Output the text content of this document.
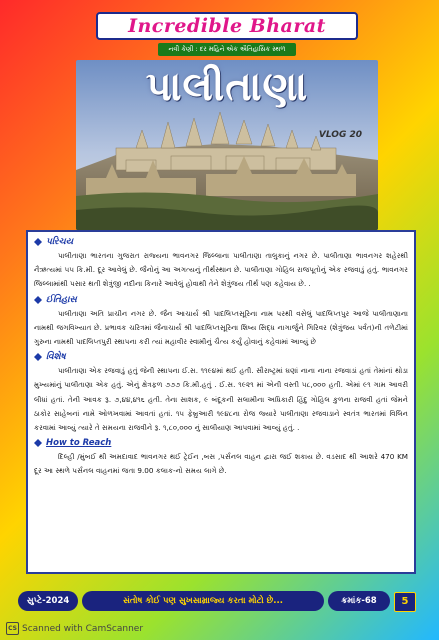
Incredible Bharat
નવી કેણી : દર મહિને એક ઐતિહાસિક સ્થળ
પાલીતાણા
VLOG 20
પરિચય

પાલીતાણા ભારતના ગુજરાત રાજ્યના ભાવનગર જિલ્લાના પાલીતાણા તાલુકાનું નગર છે. પાલીતાણા ભાવનગર શહેરથી નૈઋત્યમાં ૫૫ કિ.મી. દૂર આવેલું છે. જૈનોનું આ અગત્યનું તીર્થસ્થાન છે. પાલીતાણા ગોહિલ રાજપૂતોનું એક રજવાડું હતું. ભાવનગર જિલ્લામાંથી પસાર થતી શેત્રુંજી નદીના કિનારે આવેલું હોવાથી તેને શેત્રુંજય તીર્થ પણ કહેવાય છે. .

ઈતિહાસ

પાલીતાણા અતિ પ્રાચીન નગર છે. જૈન આચાર્ય શ્રી પાદલિપ્તસૂરિના નામ પરથી વસેલું પાદલિપ્તપુર આજે પાલીતાણાના નામથી જગવિખ્યાત છે. પ્રભાવક ચરિત્રમાં જૈનાચાર્ય શ્રી પાદલિપ્તસૂરિના શિષ્ય સિદ્ધ નાગાર્જુને ગિરિવર (શેત્રુંજય પર્વત)ની તળેટીમાં ગુરુના નામથી પાદલિપ્તપુરી સ્થાપના કરી ત્યાં મહાવીર સ્વામીનું ચૈત્ય કર્યું હોવાનું કહેવામાં આવ્યું છે

વિશેષ

પાલીતાણા એક રજવાડું હતું જેની સ્થાપના ઈ.સ. ૧૧૯૪માં થઈ હતી. સૌરાષ્ટ્રમાં ઘણાં નાના નાના રજવાડાં હતાં તેમાંનાં થોડા મુખ્યમાંનું પાલીતાણા એક હતું. એનું ક્ષેત્રફળ ૭૭૭ કિ.મી.હતું . ઈ.સ. ૧૯૨૧ માં એની વસ્તી ૫૮,૦૦૦ હતી. એમાં ૯૧ ગામ આવરી લીધાં હતાં. તેની આવક રૂ. ૭,૪૪,૪૧૬ હતી. તેના સાશક, ૯ બંદૂકની સલામીના અધિકારી હિંદુ ગોહિલ કુળના રાજવી હતાં જેમને ઠાકોર સાહેબનાં નામે ઓળખવામાં આવતાં હતાં. ૧૫ ફેબ્રુઆરી ૧૯૪૮ના રોજ જ્યારે પાલીતાણા રજવાડાને સ્વતંત્ર ભારતમાં વિલિન કરવામાં આવ્યું ત્યારે તે સમયના રાજવીને રૂ. ૧,૮૦,૦૦૦ નું સાલીયાણ આપવામાં આવ્યું હતું. .

How to Reach

દિલ્હી /મુંબઈ થી અમદાવાદ ભાવનગર થઈ ટ્રેઈન ,બસ ,પર્સનલ વાહન દ્વારા જઈ શકાય છે. વડસાદ થી આશરે 470 KM દૂર આ સ્થળે પર્સનલ વાહનમાં જતા 9.00 કલાક-નો સમય લાગે છે.

સુપ્ટે-2024	સંતોષ કોઈ પણ સુખસામ્રાજ્ય કરતા મોટો છે...	ક્રમાંક-68	5
CS Scanned with CamScanner
